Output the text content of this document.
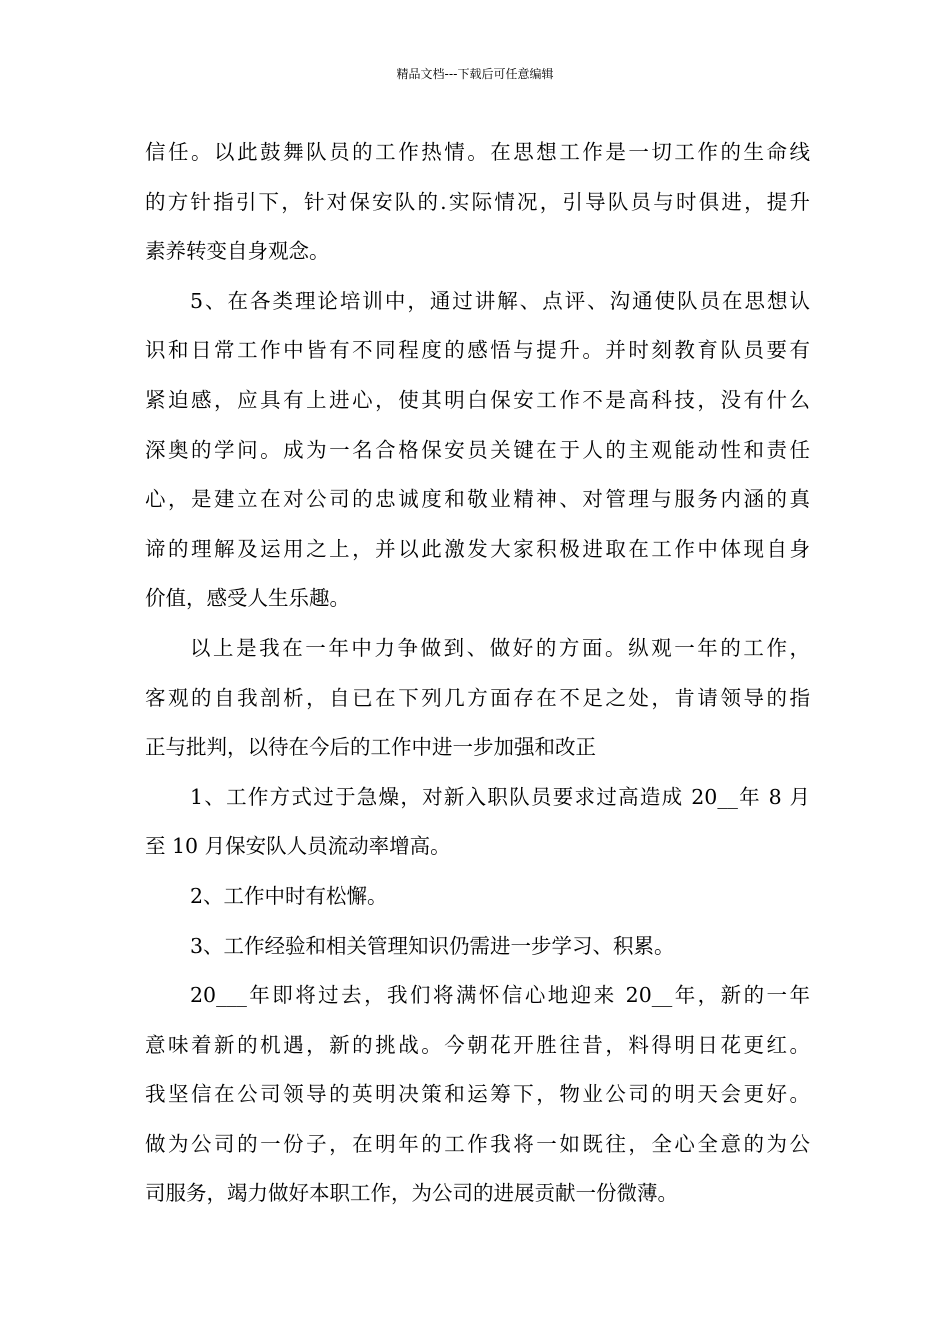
精品文档---下载后可任意编辑
信任。以此鼓舞队员的工作热情。在思想工作是一切工作的生命线
的方针指引下，针对保安队的.实际情况，引导队员与时俱进，提升
素养转变自身观念。
5、在各类理论培训中，通过讲解、点评、沟通使队员在思想认
识和日常工作中皆有不同程度的感悟与提升。并时刻教育队员要有
紧迫感，应具有上进心，使其明白保安工作不是高科技，没有什么
深奥的学问。成为一名合格保安员关键在于人的主观能动性和责任
心，是建立在对公司的忠诚度和敬业精神、对管理与服务内涵的真
谛的理解及运用之上，并以此激发大家积极进取在工作中体现自身
价值，感受人生乐趣。
以上是我在一年中力争做到、做好的方面。纵观一年的工作，
客观的自我剖析，自已在下列几方面存在不足之处，肯请领导的指
正与批判，以待在今后的工作中进一步加强和改正
1、工作方式过于急燥，对新入职队员要求过高造成 20__年 8 月
至 10 月保安队人员流动率增高。
2、工作中时有松懈。
3、工作经验和相关管理知识仍需进一步学习、积累。
20___年即将过去，我们将满怀信心地迎来 20__年，新的一年
意味着新的机遇，新的挑战。今朝花开胜往昔，料得明日花更红。
我坚信在公司领导的英明决策和运筹下，物业公司的明天会更好。
做为公司的一份子，在明年的工作我将一如既往，全心全意的为公
司服务，竭力做好本职工作，为公司的进展贡献一份微薄。
